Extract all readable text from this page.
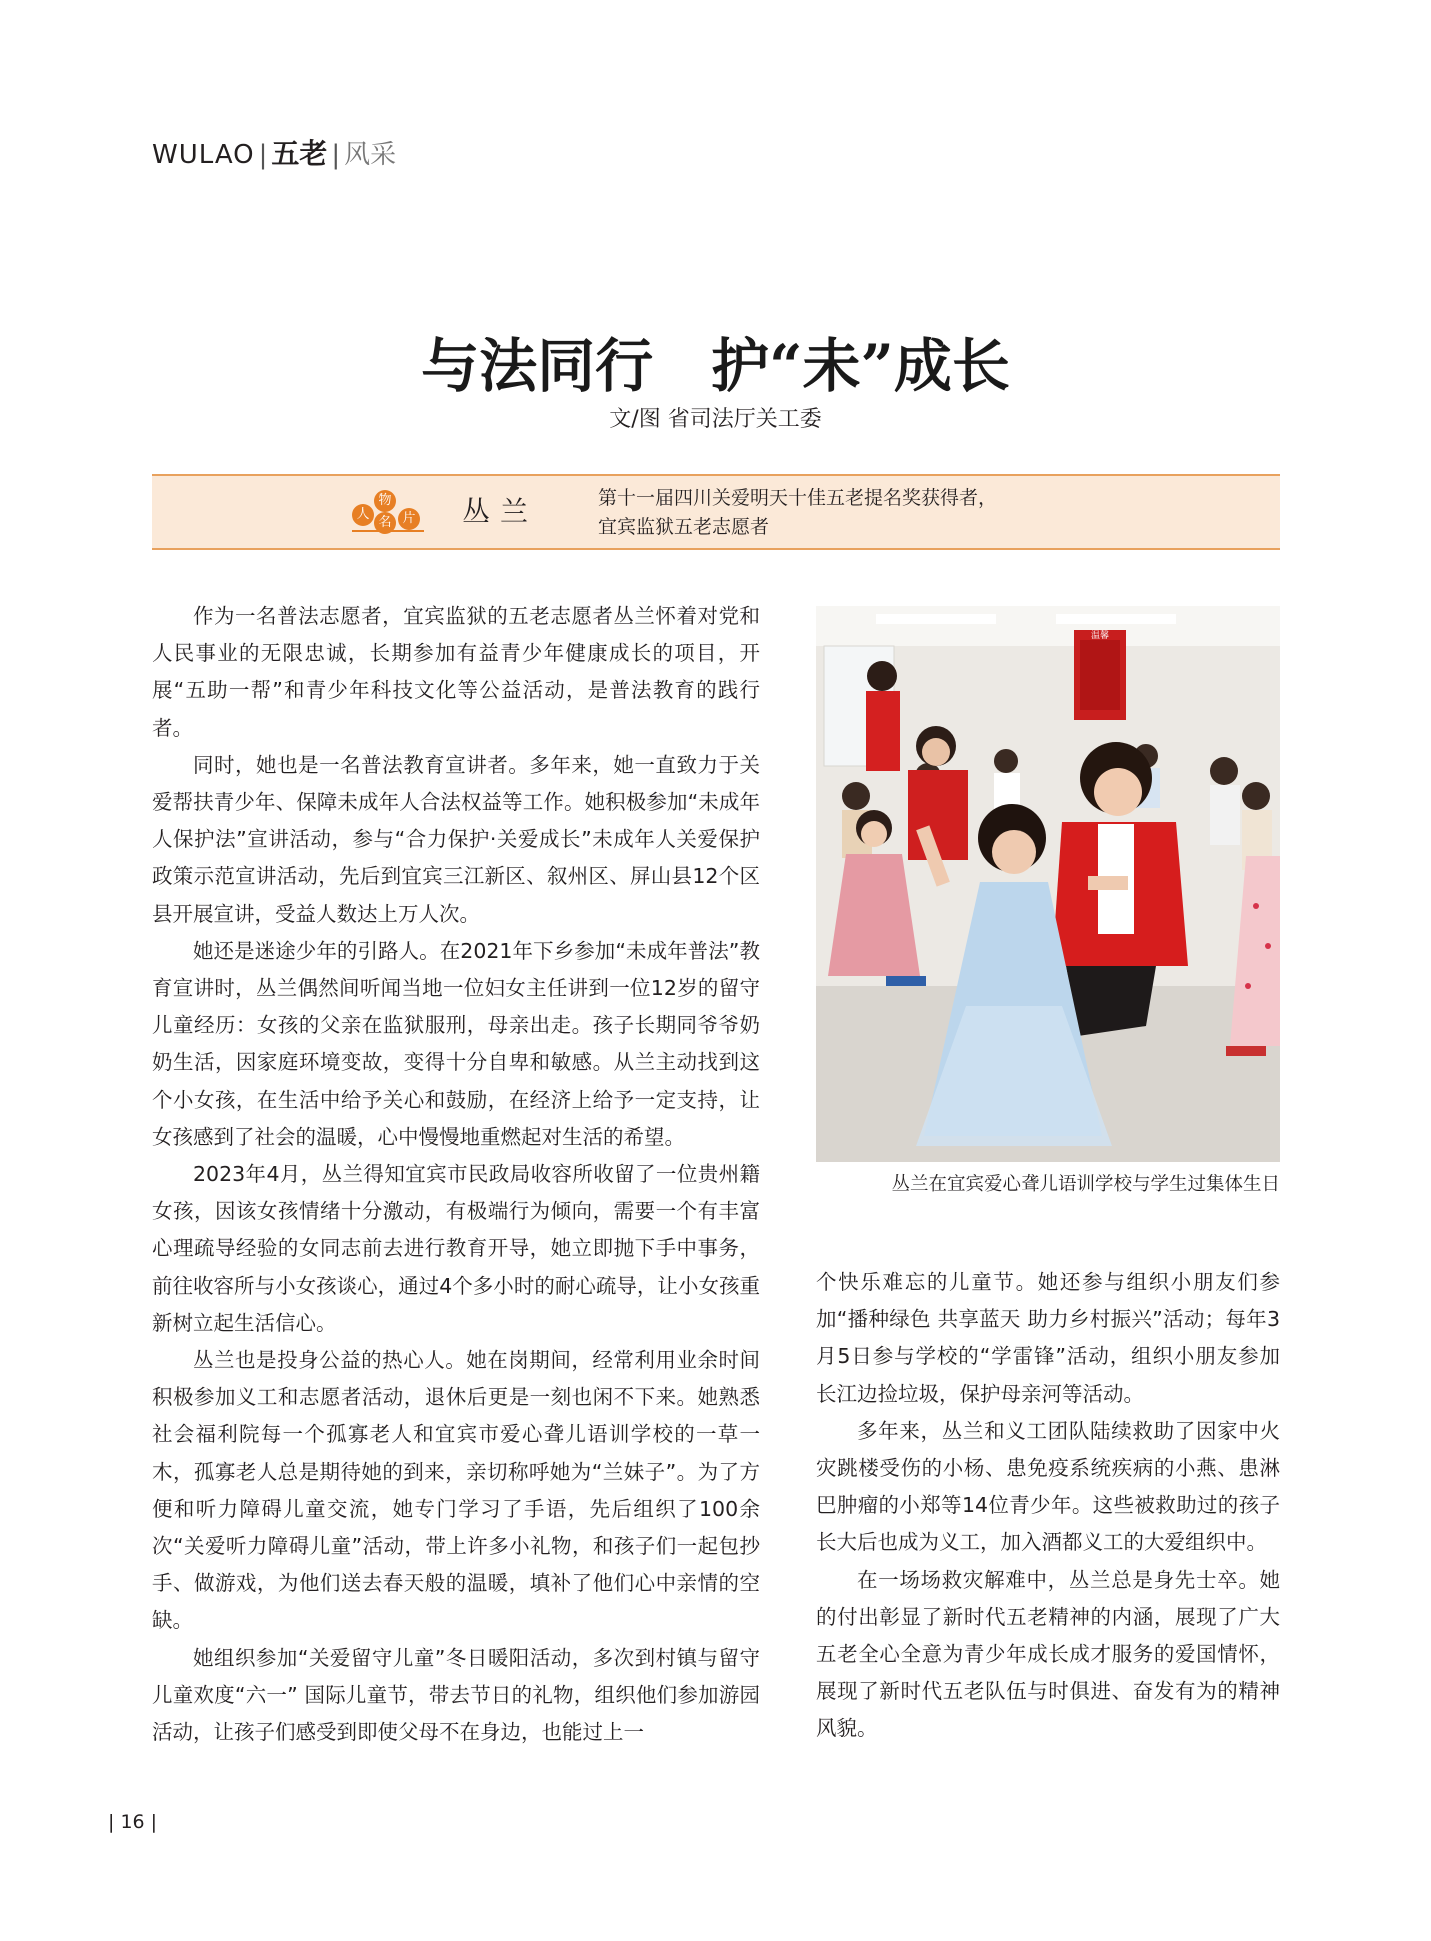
WULAO | 五老 | 风采
与法同行　护“未”成长
文/图 省司法厅关工委
人
物
名 片 丛兰	第十一届四川关爱明天十佳五老提名奖获得者，
宜宾监狱五老志愿者

作为一名普法志愿者，宜宾监狱的五老志愿者丛兰怀着对党和人民事业的无限忠诚，长期参加有益青少年健康成长的项目，开展“五助一帮”和青少年科技文化等公益活动，是普法教育的践行者。

同时，她也是一名普法教育宣讲者。多年来，她一直致力于关爱帮扶青少年、保障未成年人合法权益等工作。她积极参加“未成年人保护法”宣讲活动，参与“合力保护·关爱成长”未成年人关爱保护政策示范宣讲活动，先后到宜宾三江新区、叙州区、屏山县12个区县开展宣讲，受益人数达上万人次。

她还是迷途少年的引路人。在2021年下乡参加“未成年普法”教育宣讲时，丛兰偶然间听闻当地一位妇女主任讲到一位12岁的留守儿童经历：女孩的父亲在监狱服刑，母亲出走。孩子长期同爷爷奶奶生活，因家庭环境变故，变得十分自卑和敏感。从兰主动找到这个小女孩，在生活中给予关心和鼓励，在经济上给予一定支持，让女孩感到了社会的温暖，心中慢慢地重燃起对生活的希望。

2023年4月，丛兰得知宜宾市民政局收容所收留了一位贵州籍女孩，因该女孩情绪十分激动，有极端行为倾向，需要一个有丰富心理疏导经验的女同志前去进行教育开导，她立即抛下手中事务，前往收容所与小女孩谈心，通过4个多小时的耐心疏导，让小女孩重新树立起生活信心。

丛兰也是投身公益的热心人。她在岗期间，经常利用业余时间积极参加义工和志愿者活动，退休后更是一刻也闲不下来。她熟悉社会福利院每一个孤寡老人和宜宾市爱心聋儿语训学校的一草一木，孤寡老人总是期待她的到来，亲切称呼她为“兰妹子”。为了方便和听力障碍儿童交流，她专门学习了手语，先后组织了100余次“关爱听力障碍儿童”活动，带上许多小礼物，和孩子们一起包抄手、做游戏，为他们送去春天般的温暖，填补了他们心中亲情的空缺。

她组织参加“关爱留守儿童”冬日暖阳活动，多次到村镇与留守儿童欢度“六一” 国际儿童节，带去节日的礼物，组织他们参加游园活动，让孩子们感受到即使父母不在身边，也能过上一

温馨
丛兰在宜宾爱心聋儿语训学校与学生过集体生日

个快乐难忘的儿童节。她还参与组织小朋友们参加“播种绿色 共享蓝天 助力乡村振兴”活动；每年3月5日参与学校的“学雷锋”活动，组织小朋友参加长江边捡垃圾，保护母亲河等活动。

多年来，丛兰和义工团队陆续救助了因家中火灾跳楼受伤的小杨、患免疫系统疾病的小燕、患淋巴肿瘤的小郑等14位青少年。这些被救助过的孩子长大后也成为义工，加入酒都义工的大爱组织中。

在一场场救灾解难中，丛兰总是身先士卒。她的付出彰显了新时代五老精神的内涵，展现了广大五老全心全意为青少年成长成才服务的爱国情怀，展现了新时代五老队伍与时俱进、奋发有为的精神风貌。

| 16 |
